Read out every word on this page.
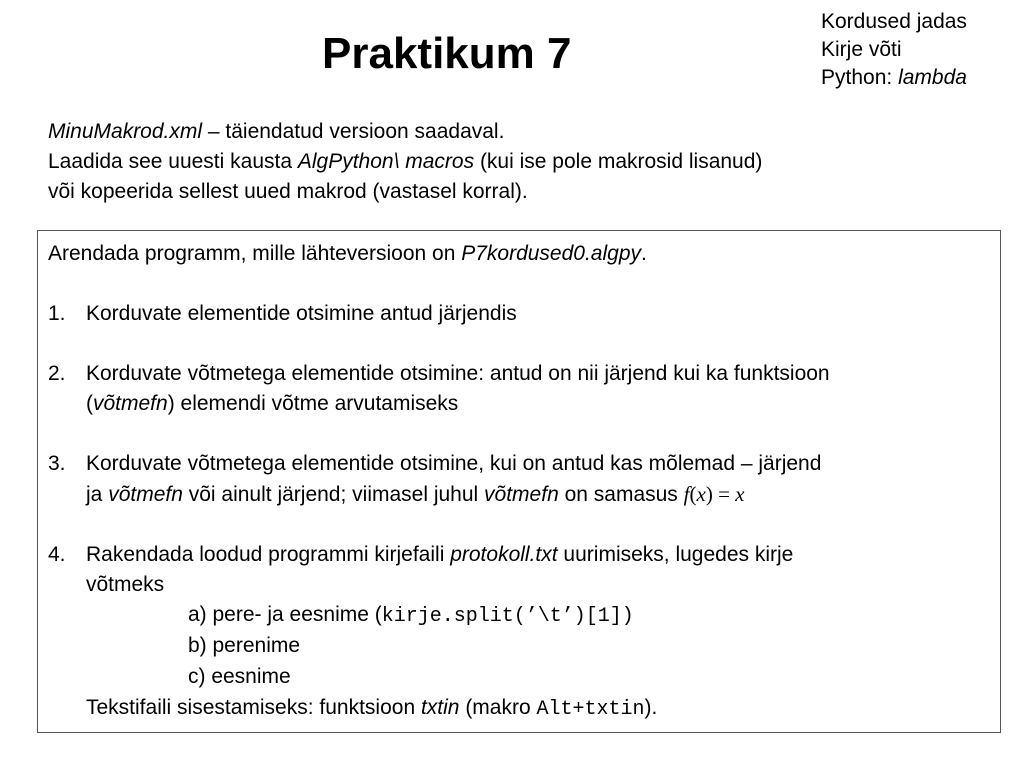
Praktikum 7
Kordused jadas
Kirje võti
Python: lambda
MinuMakrod.xml – täiendatud versioon saadaval.
Laadida see uuesti kausta AlgPython\ macros (kui ise pole makrosid lisanud)
või kopeerida sellest uued makrod (vastasel korral).
Arendada programm, mille lähteversioon on P7kordused0.algpy.
1. Korduvate elementide otsimine antud järjendis
2. Korduvate võtmetega elementide otsimine: antud on nii järjend kui ka funktsioon
(võtmefn) elemendi võtme arvutamiseks
3. Korduvate võtmetega elementide otsimine, kui on antud kas mõlemad – järjend
ja võtmefn või ainult järjend; viimasel juhul võtmefn on samasus f(x) = x
4. Rakendada loodud programmi kirjefaili protokoll.txt uurimiseks, lugedes kirje
võtmeks
a) pere- ja eesnime (kirje.split(’\t’)[1])
b) perenime
c) eesnime
Tekstifaili sisestamiseks: funktsioon txtin (makro Alt+txtin).
